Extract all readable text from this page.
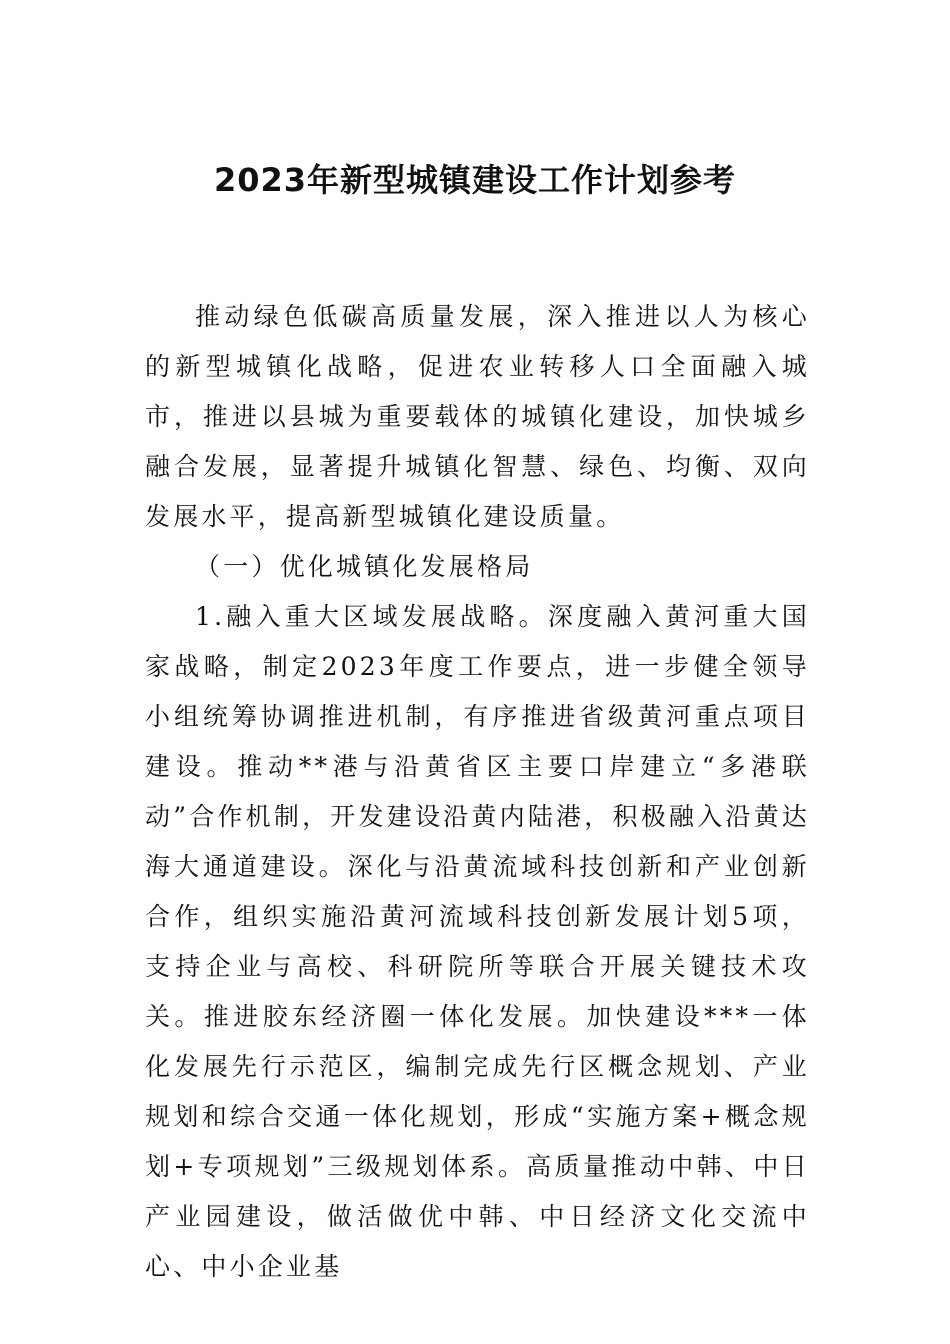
2023年新型城镇建设工作计划参考

推动绿色低碳高质量发展，深入推进以人为核心的新型城镇化战略，促进农业转移人口全面融入城市，推进以县城为重要载体的城镇化建设，加快城乡融合发展，显著提升城镇化智慧、绿色、均衡、双向发展水平，提高新型城镇化建设质量。

（一）优化城镇化发展格局

1.融入重大区域发展战略。深度融入黄河重大国家战略，制定2023年度工作要点，进一步健全领导小组统筹协调推进机制，有序推进省级黄河重点项目建设。推动**港与沿黄省区主要口岸建立“多港联动”合作机制，开发建设沿黄内陆港，积极融入沿黄达海大通道建设。深化与沿黄流域科技创新和产业创新合作，组织实施沿黄河流域科技创新发展计划5项，支持企业与高校、科研院所等联合开展关键技术攻关。推进胶东经济圈一体化发展。加快建设***一体化发展先行示范区，编制完成先行区概念规划、产业规划和综合交通一体化规划，形成“实施方案+概念规划+专项规划”三级规划体系。高质量推动中韩、中日产业园建设，做活做优中韩、中日经济文化交流中心、中小企业基
